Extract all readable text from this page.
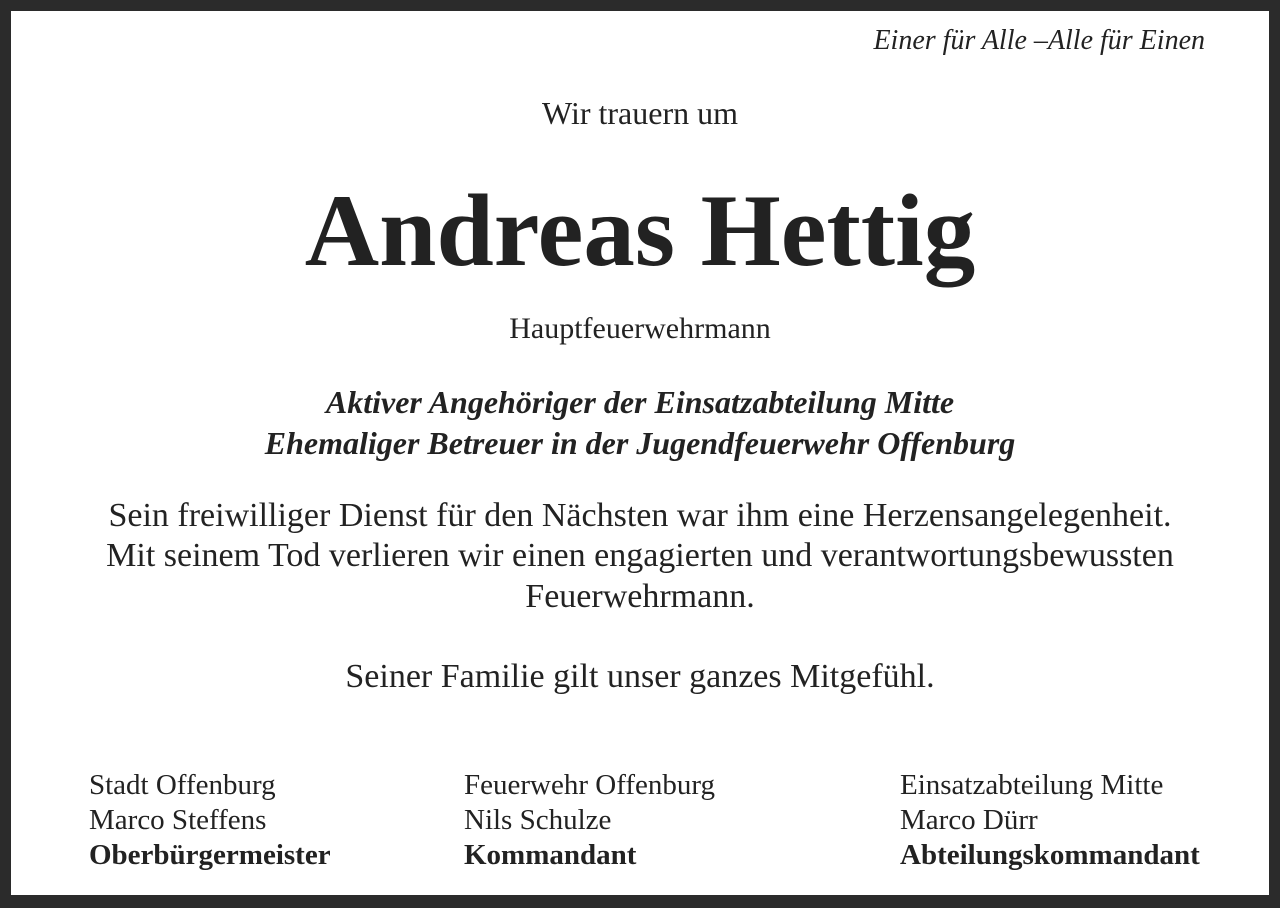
Einer für Alle –Alle für Einen
Wir trauern um
Andreas Hettig
Hauptfeuerwehrmann
Aktiver Angehöriger der Einsatzabteilung Mitte
Ehemaliger Betreuer in der Jugendfeuerwehr Offenburg
Sein freiwilliger Dienst für den Nächsten war ihm eine Herzensangelegenheit.
Mit seinem Tod verlieren wir einen engagierten und verantwortungsbewussten
Feuerwehrmann.
Seiner Familie gilt unser ganzes Mitgefühl.
Stadt Offenburg
Marco Steffens
Oberbürgermeister
Feuerwehr Offenburg
Nils Schulze
Kommandant
Einsatzabteilung Mitte
Marco Dürr
Abteilungskommandant
